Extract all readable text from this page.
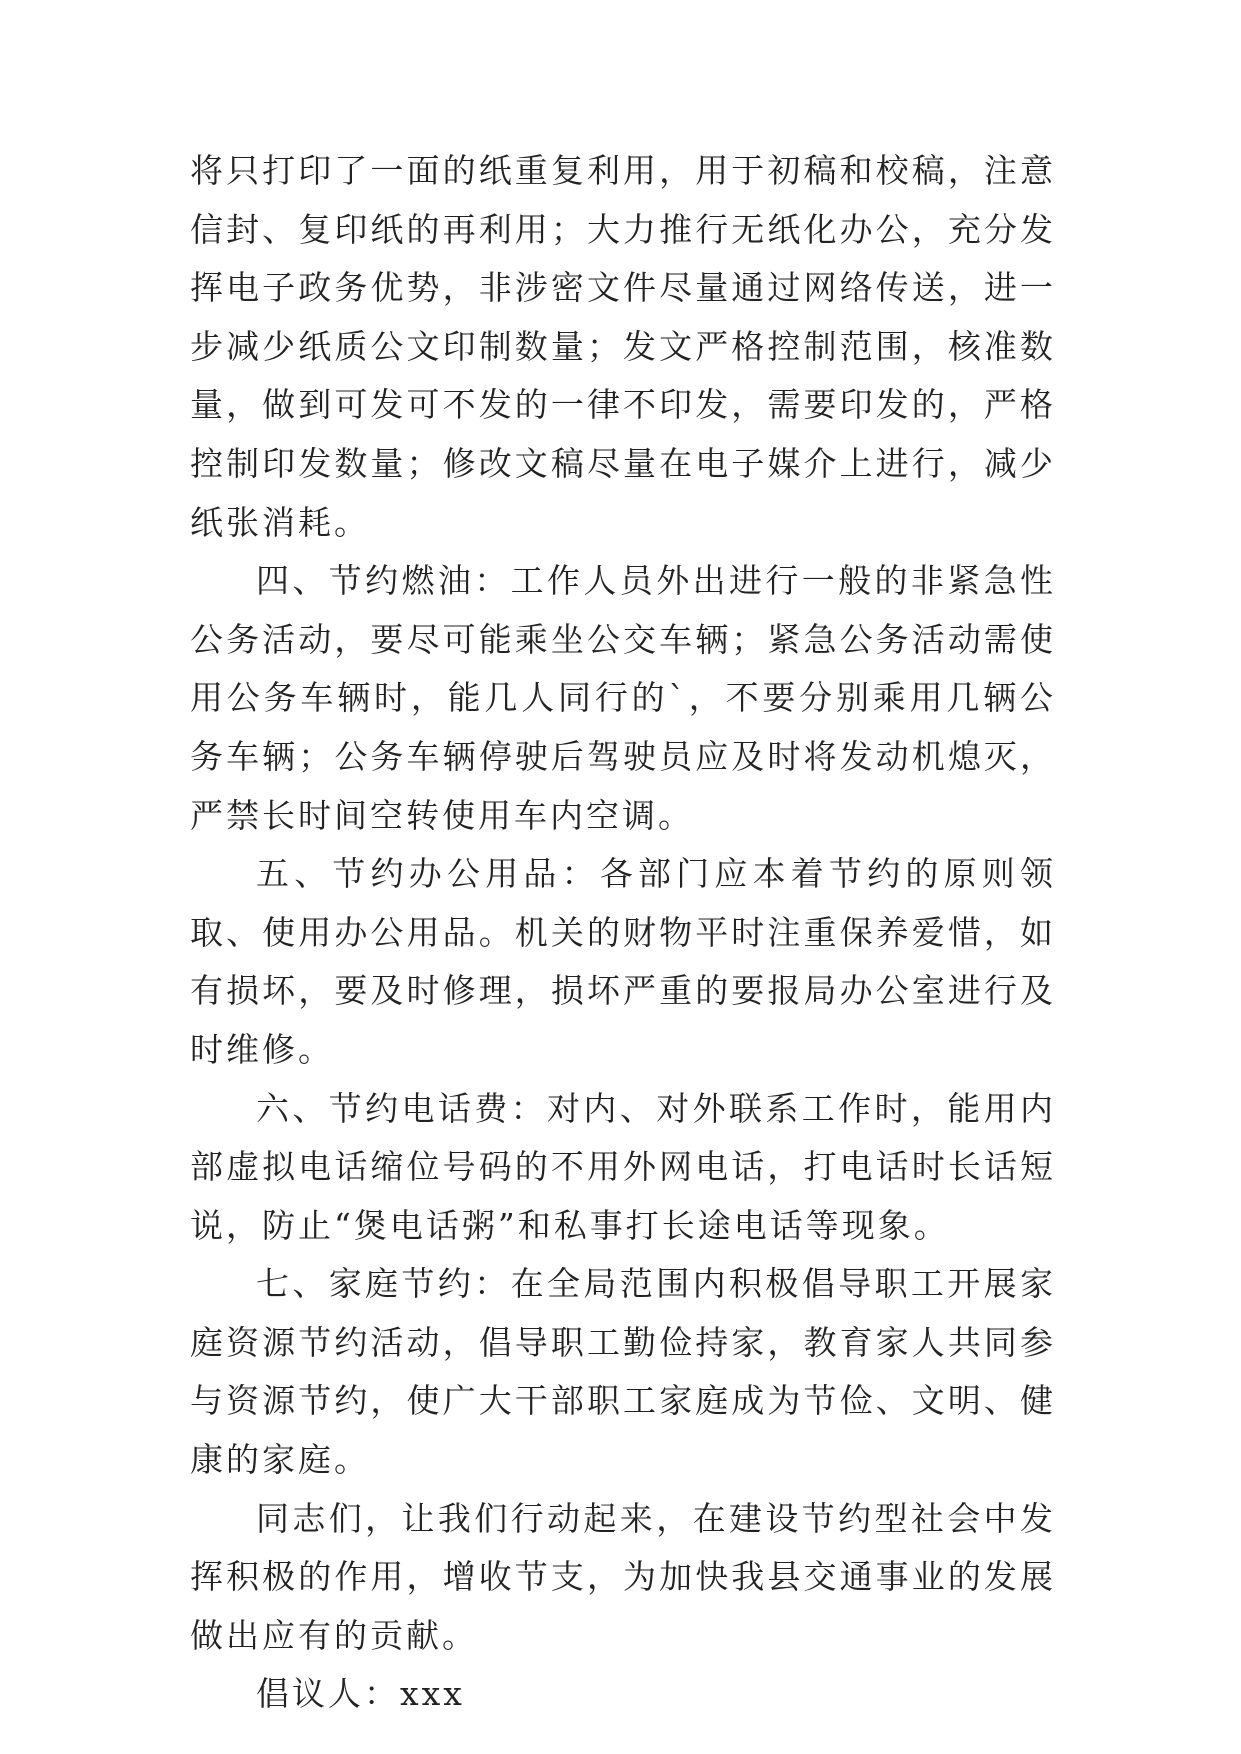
将只打印了一面的纸重复利用，用于初稿和校稿，注意信封、复印纸的再利用；大力推行无纸化办公，充分发挥电子政务优势，非涉密文件尽量通过网络传送，进一步减少纸质公文印制数量；发文严格控制范围，核准数量，做到可发可不发的一律不印发，需要印发的，严格控制印发数量；修改文稿尽量在电子媒介上进行，减少纸张消耗。

四、节约燃油：工作人员外出进行一般的非紧急性公务活动，要尽可能乘坐公交车辆；紧急公务活动需使用公务车辆时，能几人同行的`，不要分别乘用几辆公务车辆；公务车辆停驶后驾驶员应及时将发动机熄灭，严禁长时间空转使用车内空调。

五、节约办公用品：各部门应本着节约的原则领取、使用办公用品。机关的财物平时注重保养爱惜，如有损坏，要及时修理，损坏严重的要报局办公室进行及时维修。

六、节约电话费：对内、对外联系工作时，能用内部虚拟电话缩位号码的不用外网电话，打电话时长话短说，防止“煲电话粥”和私事打长途电话等现象。

七、家庭节约：在全局范围内积极倡导职工开展家庭资源节约活动，倡导职工勤俭持家，教育家人共同参与资源节约，使广大干部职工家庭成为节俭、文明、健康的家庭。

同志们，让我们行动起来，在建设节约型社会中发挥积极的作用，增收节支，为加快我县交通事业的发展做出应有的贡献。

倡议人：xxx
